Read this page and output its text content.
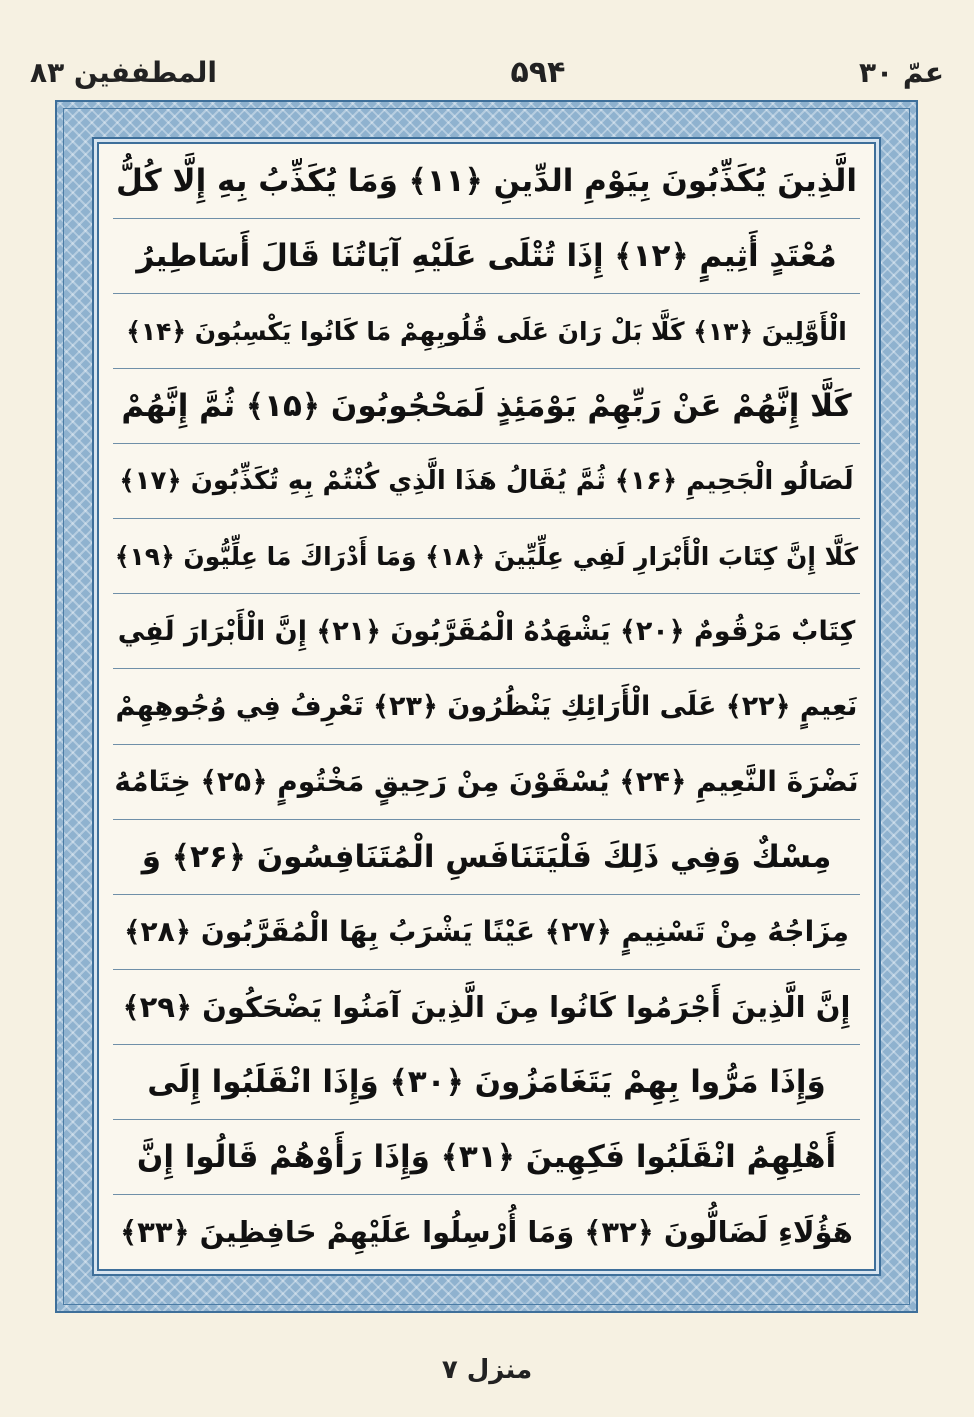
المطففين ۸۳	۵۹۴	عمّ ۳۰
الَّذِينَ يُكَذِّبُونَ بِيَوْمِ الدِّينِ ﴿۱۱﴾ وَمَا يُكَذِّبُ بِهِ إِلَّا كُلُّ
مُعْتَدٍ أَثِيمٍ ﴿۱۲﴾ إِذَا تُتْلَى عَلَيْهِ آيَاتُنَا قَالَ أَسَاطِيرُ
الْأَوَّلِينَ ﴿۱۳﴾ كَلَّا بَلْ رَانَ عَلَى قُلُوبِهِمْ مَا كَانُوا يَكْسِبُونَ ﴿۱۴﴾
كَلَّا إِنَّهُمْ عَنْ رَبِّهِمْ يَوْمَئِذٍ لَمَحْجُوبُونَ ﴿۱۵﴾ ثُمَّ إِنَّهُمْ
لَصَالُو الْجَحِيمِ ﴿۱۶﴾ ثُمَّ يُقَالُ هَذَا الَّذِي كُنْتُمْ بِهِ تُكَذِّبُونَ ﴿۱۷﴾
كَلَّا إِنَّ كِتَابَ الْأَبْرَارِ لَفِي عِلِّيِّينَ ﴿۱۸﴾ وَمَا أَدْرَاكَ مَا عِلِّيُّونَ ﴿۱۹﴾
كِتَابٌ مَرْقُومٌ ﴿۲۰﴾ يَشْهَدُهُ الْمُقَرَّبُونَ ﴿۲۱﴾ إِنَّ الْأَبْرَارَ لَفِي
نَعِيمٍ ﴿۲۲﴾ عَلَى الْأَرَائِكِ يَنْظُرُونَ ﴿۲۳﴾ تَعْرِفُ فِي وُجُوهِهِمْ
نَضْرَةَ النَّعِيمِ ﴿۲۴﴾ يُسْقَوْنَ مِنْ رَحِيقٍ مَخْتُومٍ ﴿۲۵﴾ خِتَامُهُ
مِسْكٌ وَفِي ذَلِكَ فَلْيَتَنَافَسِ الْمُتَنَافِسُونَ ﴿۲۶﴾ وَ
مِزَاجُهُ مِنْ تَسْنِيمٍ ﴿۲۷﴾ عَيْنًا يَشْرَبُ بِهَا الْمُقَرَّبُونَ ﴿۲۸﴾
إِنَّ الَّذِينَ أَجْرَمُوا كَانُوا مِنَ الَّذِينَ آمَنُوا يَضْحَكُونَ ﴿۲۹﴾
وَإِذَا مَرُّوا بِهِمْ يَتَغَامَزُونَ ﴿۳۰﴾ وَإِذَا انْقَلَبُوا إِلَى
أَهْلِهِمُ انْقَلَبُوا فَكِهِينَ ﴿۳۱﴾ وَإِذَا رَأَوْهُمْ قَالُوا إِنَّ
هَؤُلَاءِ لَضَالُّونَ ﴿۳۲﴾ وَمَا أُرْسِلُوا عَلَيْهِمْ حَافِظِينَ ﴿۳۳﴾
منزل ۷
